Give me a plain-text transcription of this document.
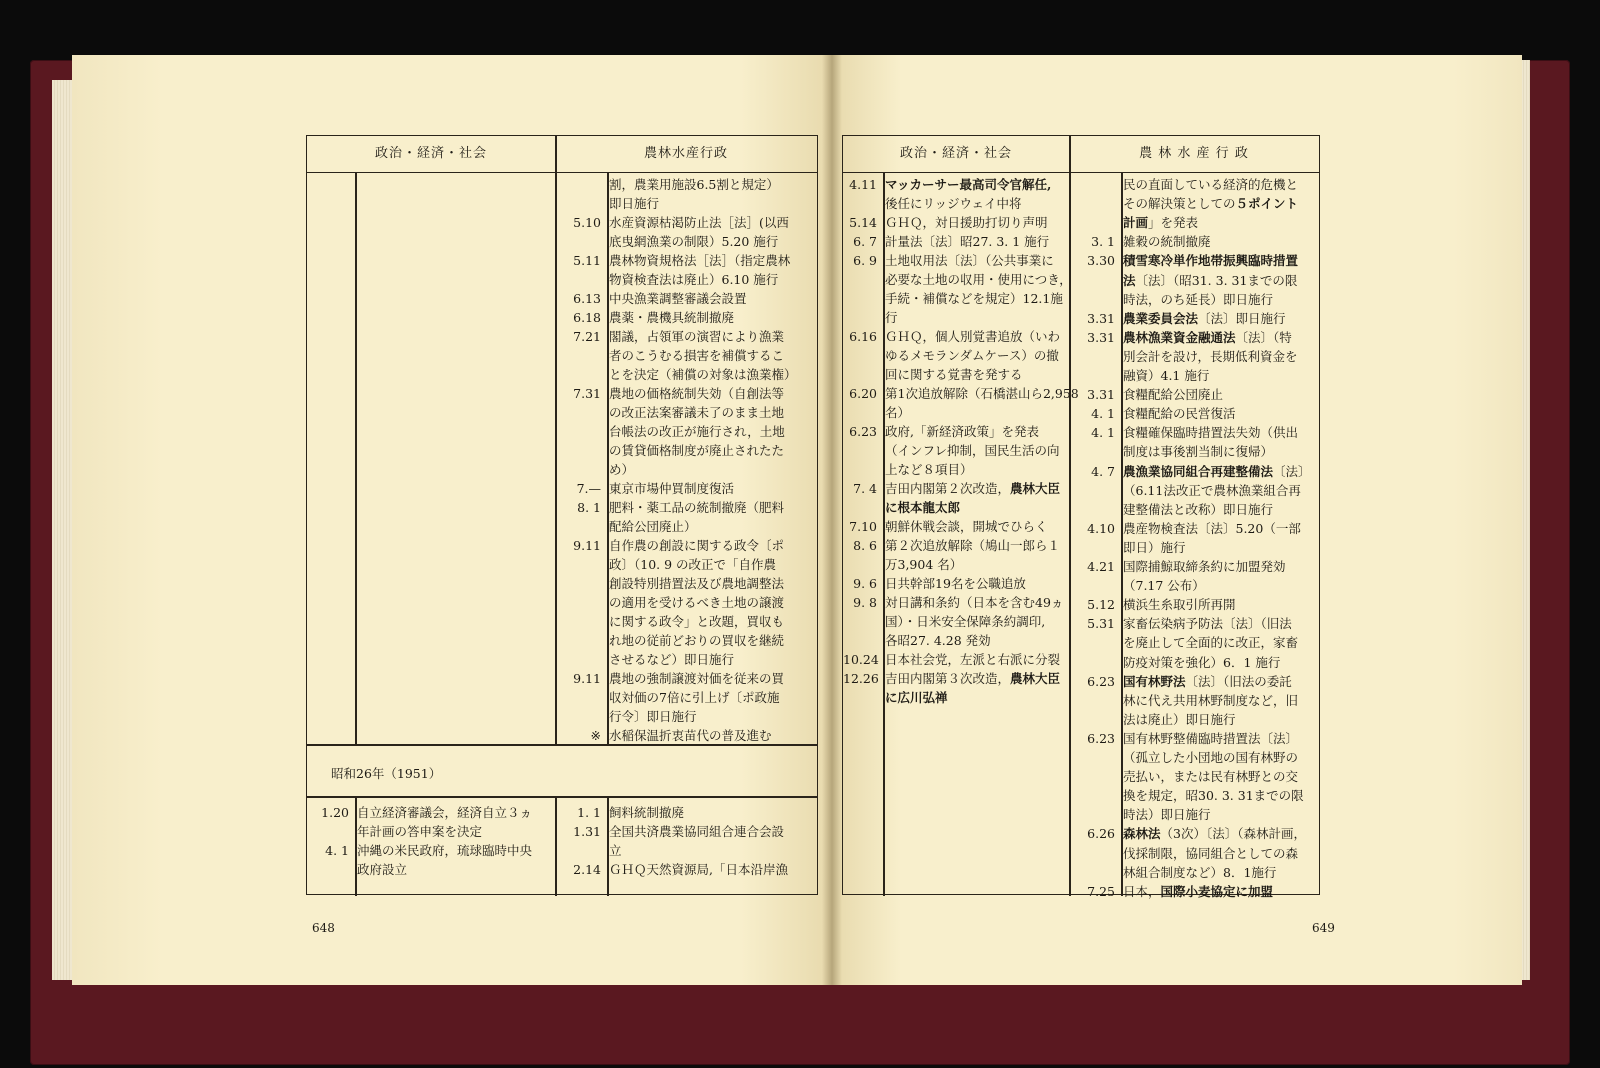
政治・経済・社会	農林水産行政
昭和26年（1951）
割，農業用施設6.5割と規定）
即日施行
5.10 水産資源枯渇防止法［法］(以西
底曳網漁業の制限）5.20 施行
5.11 農林物資規格法［法］（指定農林
物資検査法は廃止）6.10 施行
6.13 中央漁業調整審議会設置
6.18 農薬・農機具統制撤廃
7.21 閣議，占領軍の演習により漁業
者のこうむる損害を補償するこ
とを決定（補償の対象は漁業権）
7.31 農地の価格統制失効（自創法等
の改正法案審議未了のまま土地
台帳法の改正が施行され，土地
の賃貸価格制度が廃止されたた
め）
7.— 東京市場仲買制度復活
8. 1 肥料・薬工品の統制撤廃（肥料
配給公団廃止）
9.11 自作農の創設に関する政令〔ポ
政〕（10. 9 の改正で「自作農
創設特別措置法及び農地調整法
の適用を受けるべき土地の譲渡
に関する政令」と改題，買収も
れ地の従前どおりの買収を継続
させるなど）即日施行
9.11 農地の強制譲渡対価を従来の買
収対価の7倍に引上げ〔ポ政施
行令〕即日施行
※ 水稲保温折衷苗代の普及進む
1.20 自立経済審議会，経済自立３ヵ
年計画の答申案を決定
4. 1 沖縄の米民政府，琉球臨時中央
政府設立
1. 1 飼料統制撤廃
1.31 全国共済農業協同組合連合会設
立
2.14 ＧＨＱ天然資源局,「日本沿岸漁
648
政治・経済・社会	農 林 水 産 行 政
4.11 マッカーサー最高司令官解任,
後任にリッジウェイ中将
5.14 ＧＨＱ，対日援助打切り声明
6. 7 計量法〔法〕昭27. 3. 1 施行
6. 9 土地収用法〔法〕（公共事業に
必要な土地の収用・使用につき，
手続・補償などを規定）12.1施
行
6.16 ＧＨＱ，個人別覚書追放（いわ
ゆるメモランダムケース）の撤
回に関する覚書を発する
6.20 第1次追放解除（石橋湛山ら2,958
名）
6.23 政府,「新経済政策」を発表
（インフレ抑制，国民生活の向
上など８項目）
7. 4 吉田内閣第２次改造，農林大臣
に根本龍太郎
7.10 朝鮮休戦会談，開城でひらく
8. 6 第２次追放解除（鳩山一郎ら１
万3,904 名）
9. 6 日共幹部19名を公職追放
9. 8 対日講和条約（日本を含む49ヵ
国）・日米安全保障条約調印,
各昭27. 4.28 発効
10.24 日本社会党，左派と右派に分裂
12.26 吉田内閣第３次改造，農林大臣
に広川弘禅
民の直面している経済的危機と
その解決策としての５ポイント
計画」を発表
3. 1 雑穀の統制撤廃
3.30 積雪寒冷単作地帯振興臨時措置
法〔法〕（昭31. 3. 31までの限
時法，のち延長）即日施行
3.31 農業委員会法〔法〕即日施行
3.31 農林漁業資金融通法〔法〕（特
別会計を設け，長期低利資金を
融資）4.1 施行
3.31 食糧配給公団廃止
4. 1 食糧配給の民営復活
4. 1 食糧確保臨時措置法失効（供出
制度は事後割当制に復帰）
4. 7 農漁業協同組合再建整備法〔法〕
（6.11法改正で農林漁業組合再
建整備法と改称）即日施行
4.10 農産物検査法〔法〕5.20（一部
即日）施行
4.21 国際捕鯨取締条約に加盟発効
（7.17 公布）
5.12 横浜生糸取引所再開
5.31 家畜伝染病予防法〔法〕（旧法
を廃止して全面的に改正，家畜
防疫対策を強化）6．1 施行
6.23 国有林野法〔法〕（旧法の委託
林に代え共用林野制度など，旧
法は廃止）即日施行
6.23 国有林野整備臨時措置法〔法〕
（孤立した小団地の国有林野の
売払い，または民有林野との交
換を規定，昭30. 3. 31までの限
時法）即日施行
6.26 森林法（3次）〔法〕（森林計画，
伐採制限，協同組合としての森
林組合制度など）8．1施行
7.25 日本，国際小麦協定に加盟
649
